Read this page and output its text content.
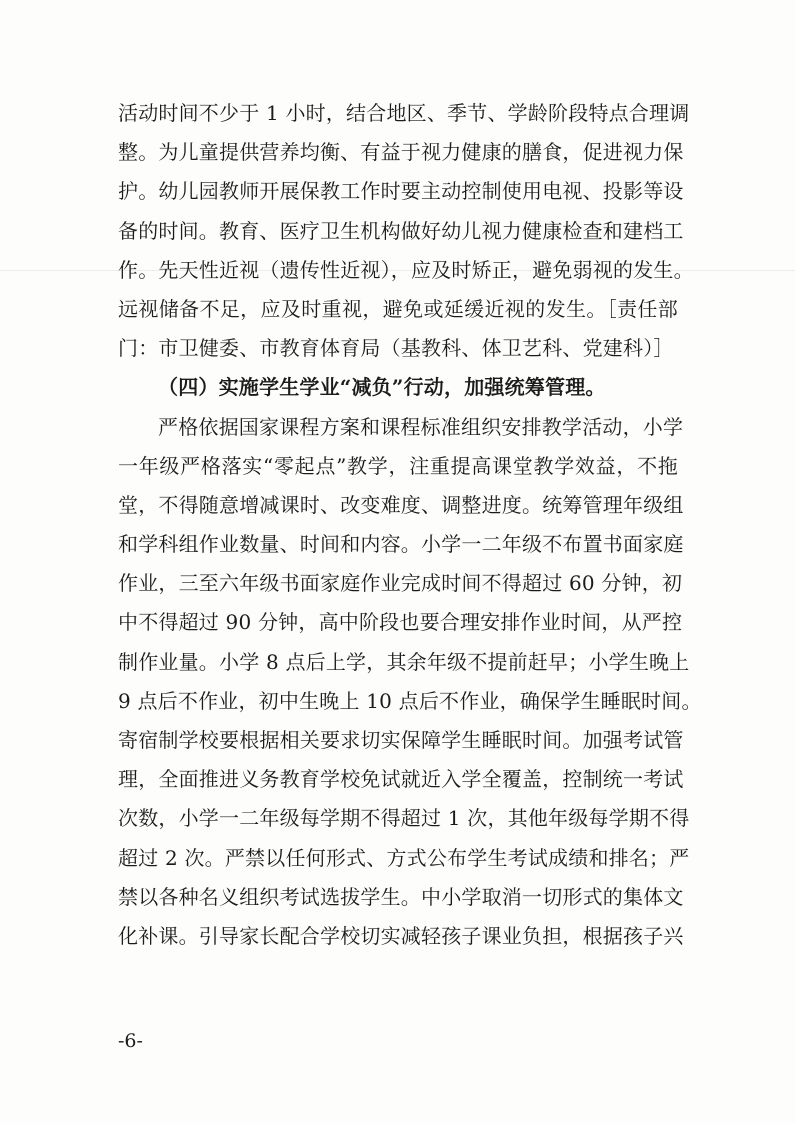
活动时间不少于 1 小时，结合地区、季节、学龄阶段特点合理调
整。为儿童提供营养均衡、有益于视力健康的膳食，促进视力保
护。幼儿园教师开展保教工作时要主动控制使用电视、投影等设
备的时间。教育、医疗卫生机构做好幼儿视力健康检查和建档工
作。先天性近视（遗传性近视），应及时矫正，避免弱视的发生。
远视储备不足，应及时重视，避免或延缓近视的发生。［责任部
门：市卫健委、市教育体育局（基教科、体卫艺科、党建科）］
（四）实施学生学业“减负”行动，加强统筹管理。
严格依据国家课程方案和课程标准组织安排教学活动，小学
一年级严格落实“零起点”教学，注重提高课堂教学效益，不拖
堂，不得随意增减课时、改变难度、调整进度。统筹管理年级组
和学科组作业数量、时间和内容。小学一二年级不布置书面家庭
作业，三至六年级书面家庭作业完成时间不得超过 60 分钟，初
中不得超过 90 分钟，高中阶段也要合理安排作业时间，从严控
制作业量。小学 8 点后上学，其余年级不提前赶早；小学生晚上
9 点后不作业，初中生晚上 10 点后不作业，确保学生睡眠时间。
寄宿制学校要根据相关要求切实保障学生睡眠时间。加强考试管
理，全面推进义务教育学校免试就近入学全覆盖，控制统一考试
次数，小学一二年级每学期不得超过 1 次，其他年级每学期不得
超过 2 次。严禁以任何形式、方式公布学生考试成绩和排名；严
禁以各种名义组织考试选拔学生。中小学取消一切形式的集体文
化补课。引导家长配合学校切实减轻孩子课业负担，根据孩子兴
-6-
